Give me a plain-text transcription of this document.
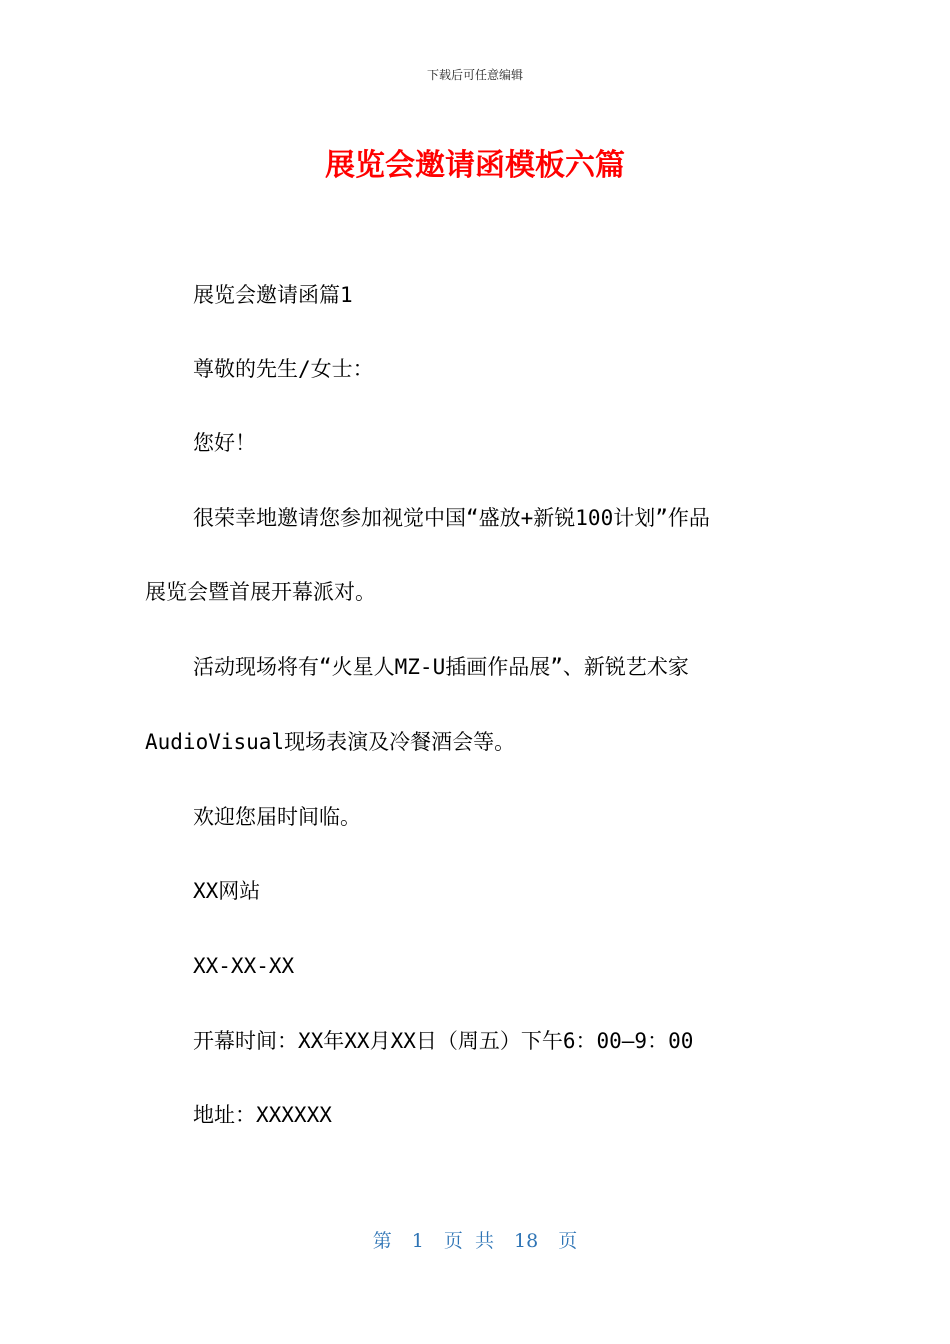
下载后可任意编辑
展览会邀请函模板六篇
展览会邀请函篇1
尊敬的先生/女士：
您好！
很荣幸地邀请您参加视觉中国“盛放+新锐100计划”作品
展览会暨首展开幕派对。
活动现场将有“火星人MZ-U插画作品展”、新锐艺术家
AudioVisual现场表演及冷餐酒会等。
欢迎您届时间临。
XX网站
XX-XX-XX
开幕时间：XX年XX月XX日（周五）下午6：00—9：00
地址：XXXXXX
第 1 页 共 18 页
